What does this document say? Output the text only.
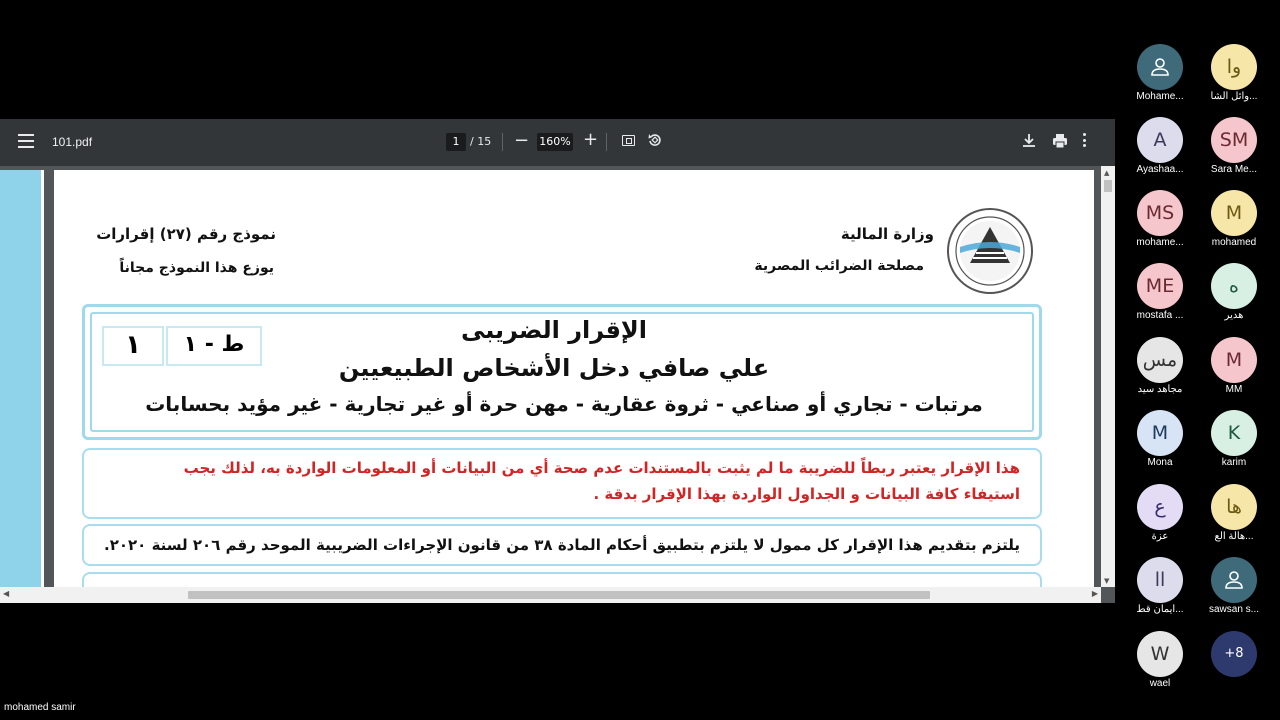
101.pdf	1 / 15 − 160% +
وزارة المالية
مصلحة الضرائب المصرية
نموذج رقم (٢٧) إقرارات
يوزع هذا النموذج مجاناً
١	ط - ١
الإقرار الضريبى
علي صافي دخل الأشخاص الطبيعيين
مرتبات - تجاري أو صناعي - ثروة عقارية - مهن حرة أو غير تجارية - غير مؤيد بحسابات
هذا الإقرار يعتبر ربطاً للضريبة ما لم يثبت بالمستندات عدم صحة أي من البيانات أو المعلومات الواردة به، لذلك يجب
استيفاء كافة البيانات و الجداول الواردة بهذا الإقرار بدقة .
يلتزم بتقديم هذا الإقرار كل ممول لا يلتزم بتطبيق أحكام المادة ٣٨ من قانون الإجراءات الضريبية الموحد رقم ٢٠٦ لسنة ٢٠٢٠.
▲
▼
◀	▶
Mohame...
وا
وائل الشا...
A
Ayashaa...
SM
Sara Me...
MS
mohame...
M
mohamed
ME
mostafa ...
ه
هدير
مس
مجاهد سيد
M
MM
M
Mona
K
karim
ع
عزة
ها
هالة الع...
اا
ايمان قط...	sawsan s...
W
wael
+8
mohamed samir
